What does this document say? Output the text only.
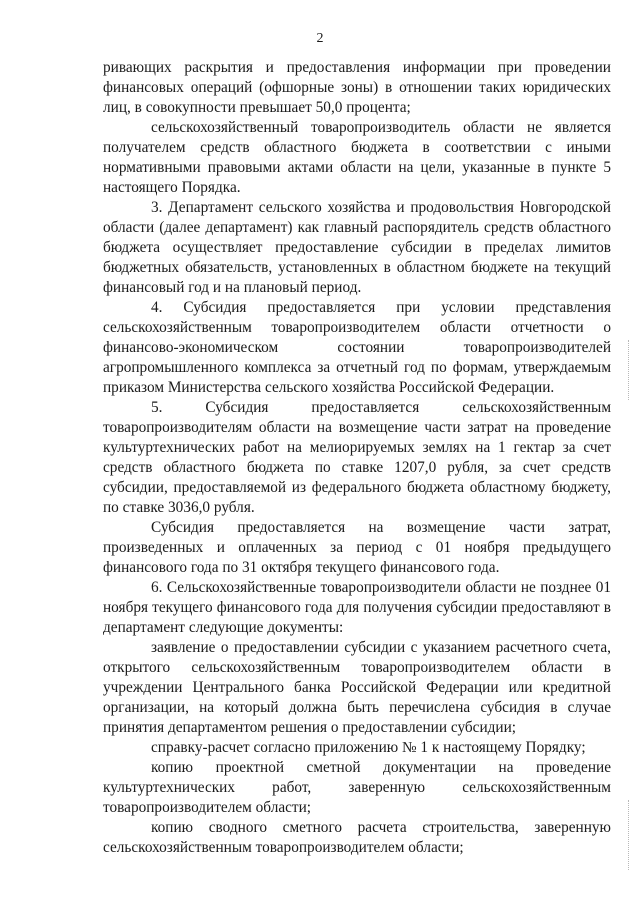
2

ривающих раскрытия и предоставления информации при проведении финансовых операций (офшорные зоны) в отношении таких юридических лиц, в совокупности превышает 50,0 процента;

сельскохозяйственный товаропроизводитель области не является получателем средств областного бюджета в соответствии с иными нормативными правовыми актами области на цели, указанные в пункте 5 настоящего Порядка.

3. Департамент сельского хозяйства и продовольствия Новгородской области (далее департамент) как главный распорядитель средств областного бюджета осуществляет предоставление субсидии в пределах лимитов бюджетных обязательств, установленных в областном бюджете на текущий финансовый год и на плановый период.

4. Субсидия предоставляется при условии представления сельскохозяйственным товаропроизводителем области отчетности о финансово-экономическом состоянии товаропроизводителей агропромышленного комплекса за отчетный год по формам, утверждаемым приказом Министерства сельского хозяйства Российской Федерации.

5. Субсидия предоставляется сельскохозяйственным товаропроизводителям области на возмещение части затрат на проведение культуртехнических работ на мелиорируемых землях на 1 гектар за счет средств областного бюджета по ставке 1207,0 рубля, за счет средств субсидии, предоставляемой из федерального бюджета областному бюджету, по ставке 3036,0 рубля.

Субсидия предоставляется на возмещение части затрат, произведенных и оплаченных за период с 01 ноября предыдущего финансового года по 31 октября текущего финансового года.

6. Сельскохозяйственные товаропроизводители области не позднее 01 ноября текущего финансового года для получения субсидии предоставляют в департамент следующие документы:

заявление о предоставлении субсидии с указанием расчетного счета, открытого сельскохозяйственным товаропроизводителем области в учреждении Центрального банка Российской Федерации или кредитной организации, на который должна быть перечислена субсидия в случае принятия департаментом решения о предоставлении субсидии;

справку-расчет согласно приложению № 1 к настоящему Порядку;

копию проектной сметной документации на проведение культуртехнических работ, заверенную сельскохозяйственным товаропроизводителем области;

копию сводного сметного расчета строительства, заверенную сельскохозяйственным товаропроизводителем области;
